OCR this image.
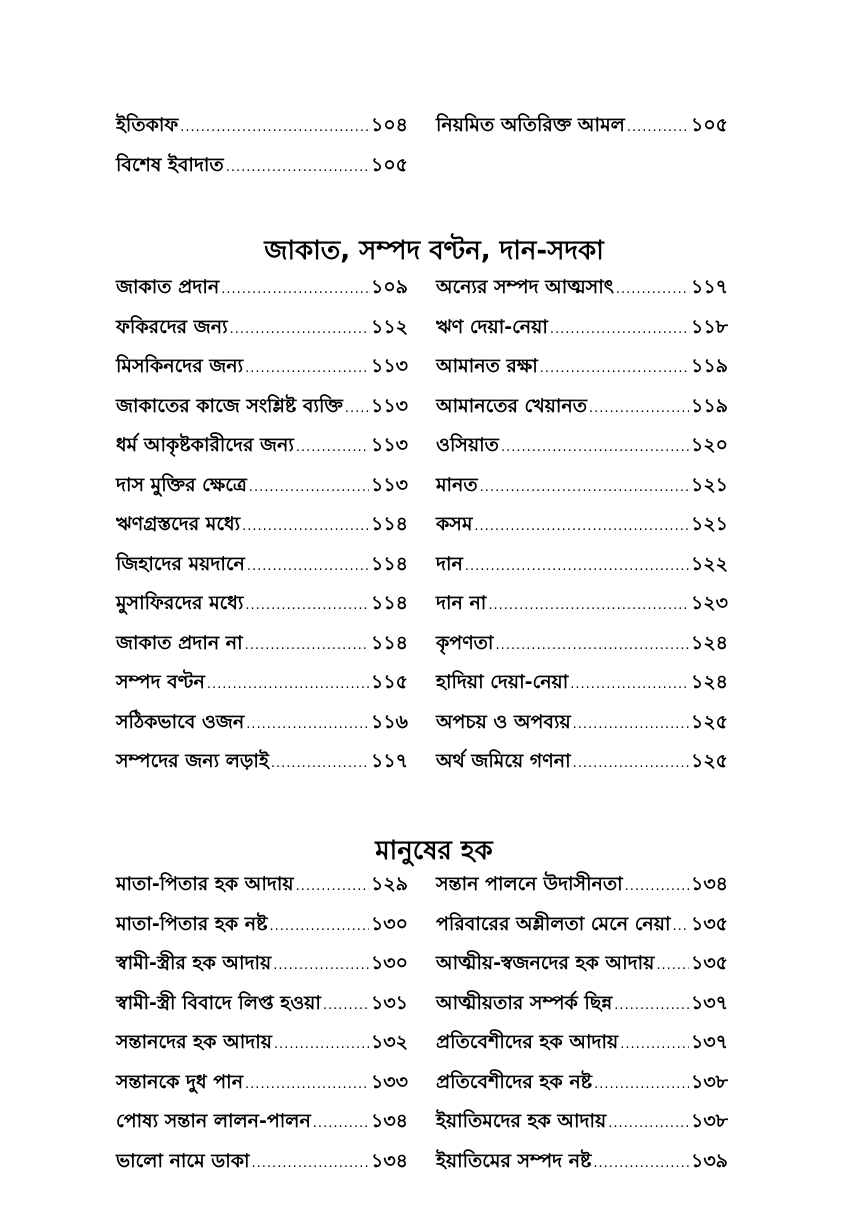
ইতিকাফ .....	১০৪
বিশেষ ইবাদাত .....	১০৫
নিয়মিত অতিরিক্ত আমল .....	১০৫
জাকাত, সম্পদ বণ্টন, দান-সদকা
জাকাত প্রদান .....	১০৯
ফকিরদের জন্য .....	১১২
মিসকিনদের জন্য .....	১১৩
জাকাতের কাজে সংশ্লিষ্ট ব্যক্তি ..... ১১৩
ধর্ম আকৃষ্টকারীদের জন্য .....	১১৩
দাস মুক্তির ক্ষেত্রে .....	১১৩
ঋণগ্রস্তদের মধ্যে .....	১১৪
জিহাদের ময়দানে .....	১১৪
মুসাফিরদের মধ্যে .....	১১৪
জাকাত প্রদান না .....	১১৪
সম্পদ বণ্টন .....	১১৫
সঠিকভাবে ওজন .....	১১৬
সম্পদের জন্য লড়াই .....	১১৭
অন্যের সম্পদ আত্মসাৎ .....	১১৭
ঋণ দেয়া-নেয়া .....	১১৮
আমানত রক্ষা .....	১১৯
আমানতের খেয়ানত .....	১১৯
ওসিয়াত .....	১২০
মানত .....	১২১
কসম .....	১২১
দান .....	১২২
দান না .....	১২৩
কৃপণতা .....	১২৪
হাদিয়া দেয়া-নেয়া .....	১২৪
অপচয় ও অপব্যয় .....	১২৫
অর্থ জমিয়ে গণনা .....	১২৫
মানুষের হক
মাতা-পিতার হক আদায় .....	১২৯
মাতা-পিতার হক নষ্ট .....	১৩০
স্বামী-স্ত্রীর হক আদায় .....	১৩০
স্বামী-স্ত্রী বিবাদে লিপ্ত হওয়া .....	১৩১
সন্তানদের হক আদায় .....	১৩২
সন্তানকে দুধ পান .....	১৩৩
পোষ্য সন্তান লালন-পালন .....	১৩৪
ভালো নামে ডাকা .....	১৩৪
সন্তান পালনে উদাসীনতা .....	১৩৪
পরিবারের অশ্লীলতা মেনে নেয়া ..... ১৩৫
আত্মীয়-স্বজনদের হক আদায় ..... ১৩৫
আত্মীয়তার সম্পর্ক ছিন্ন .....	১৩৭
প্রতিবেশীদের হক আদায় .....	১৩৭
প্রতিবেশীদের হক নষ্ট .....	১৩৮
ইয়াতিমদের হক আদায় .....	১৩৮
ইয়াতিমের সম্পদ নষ্ট .....	১৩৯
